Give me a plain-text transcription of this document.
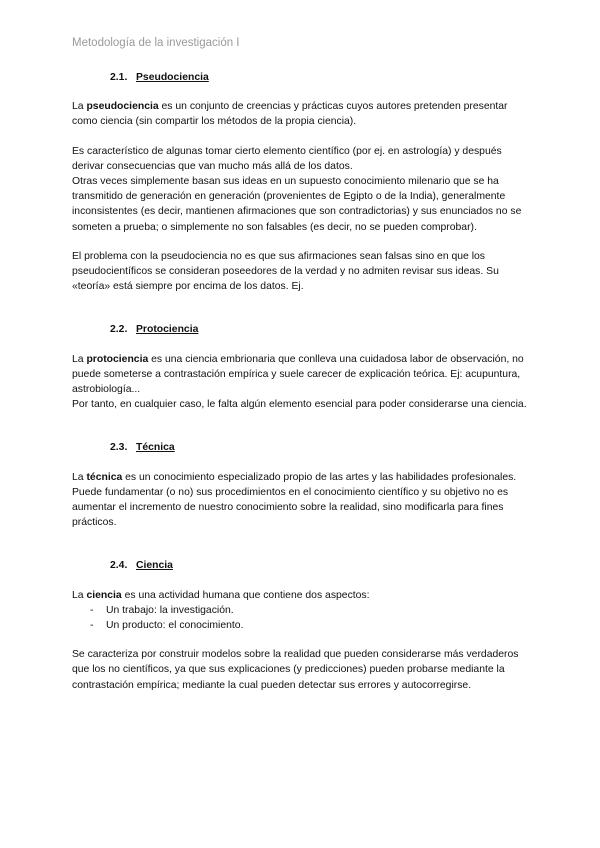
Metodología de la investigación I
2.1. Pseudociencia

La pseudociencia es un conjunto de creencias y prácticas cuyos autores pretenden presentar como ciencia (sin compartir los métodos de la propia ciencia).

Es característico de algunas tomar cierto elemento científico (por ej. en astrología) y después derivar consecuencias que van mucho más allá de los datos.

Otras veces simplemente basan sus ideas en un supuesto conocimiento milenario que se ha transmitido de generación en generación (provenientes de Egipto o de la India), generalmente inconsistentes (es decir, mantienen afirmaciones que son contradictorias) y sus enunciados no se someten a prueba; o simplemente no son falsables (es decir, no se pueden comprobar).

El problema con la pseudociencia no es que sus afirmaciones sean falsas sino en que los pseudocientíficos se consideran poseedores de la verdad y no admiten revisar sus ideas. Su «teoría» está siempre por encima de los datos. Ej.

2.2. Protociencia

La protociencia es una ciencia embrionaria que conlleva una cuidadosa labor de observación, no puede someterse a contrastación empírica y suele carecer de explicación teórica. Ej: acupuntura, astrobiología...

Por tanto, en cualquier caso, le falta algún elemento esencial para poder considerarse una ciencia.

2.3. Técnica

La técnica es un conocimiento especializado propio de las artes y las habilidades profesionales. Puede fundamentar (o no) sus procedimientos en el conocimiento científico y su objetivo no es aumentar el incremento de nuestro conocimiento sobre la realidad, sino modificarla para fines prácticos.

2.4. Ciencia

La ciencia es una actividad humana que contiene dos aspectos:

-	Un trabajo: la investigación.
-	Un producto: el conocimiento.

Se caracteriza por construir modelos sobre la realidad que pueden considerarse más verdaderos que los no científicos, ya que sus explicaciones (y predicciones) pueden probarse mediante la contrastación empírica; mediante la cual pueden detectar sus errores y autocorregirse.
